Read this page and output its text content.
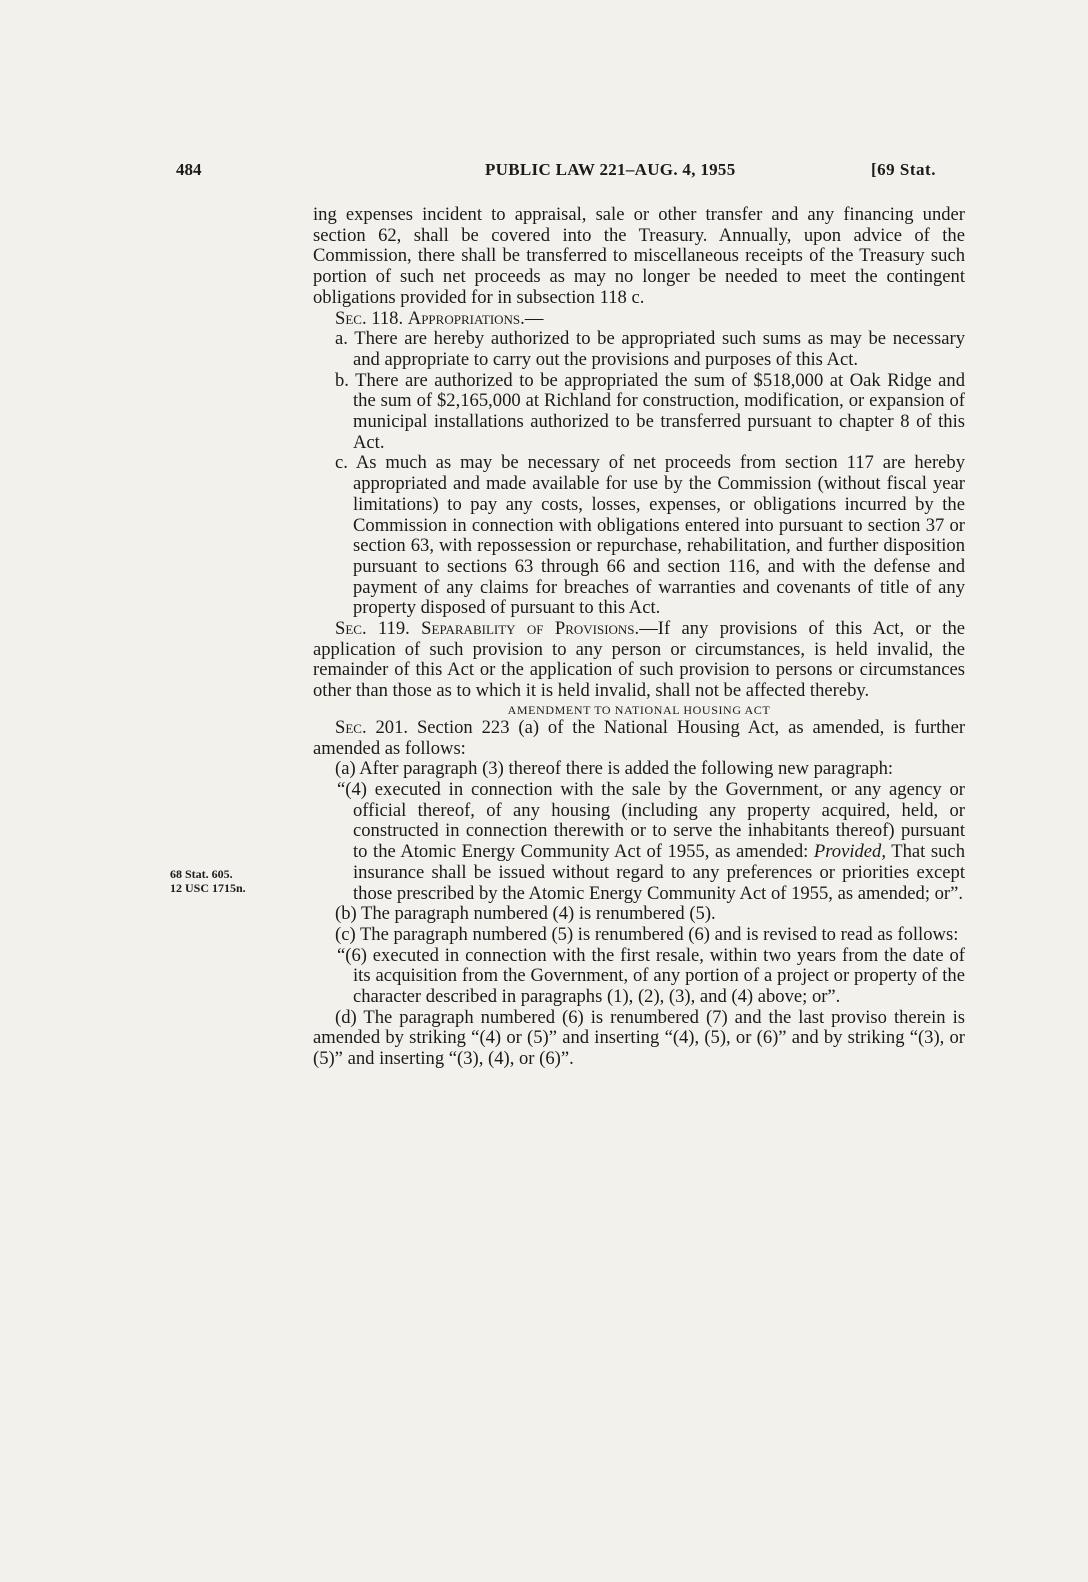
484	PUBLIC LAW 221–AUG. 4, 1955	[69 Stat.
68 Stat. 605.
12 USC 1715n.

ing expenses incident to appraisal, sale or other transfer and any financing under section 62, shall be covered into the Treasury. Annually, upon advice of the Commission, there shall be transferred to miscellaneous receipts of the Treasury such portion of such net proceeds as may no longer be needed to meet the contingent obligations provided for in subsection 118 c.

Sec. 118. Appropriations.—

a. There are hereby authorized to be appropriated such sums as may be necessary and appropriate to carry out the provisions and purposes of this Act.

b. There are authorized to be appropriated the sum of $518,000 at Oak Ridge and the sum of $2,165,000 at Richland for construction, modification, or expansion of municipal installations authorized to be transferred pursuant to chapter 8 of this Act.

c. As much as may be necessary of net proceeds from section 117 are hereby appropriated and made available for use by the Commission (without fiscal year limitations) to pay any costs, losses, expenses, or obligations incurred by the Commission in connection with obligations entered into pursuant to section 37 or section 63, with repossession or repurchase, rehabilitation, and further disposition pursuant to sections 63 through 66 and section 116, and with the defense and payment of any claims for breaches of warranties and covenants of title of any property disposed of pursuant to this Act.

Sec. 119. Separability of Provisions.—If any provisions of this Act, or the application of such provision to any person or circumstances, is held invalid, the remainder of this Act or the application of such provision to persons or circumstances other than those as to which it is held invalid, shall not be affected thereby.

AMENDMENT TO NATIONAL HOUSING ACT

Sec. 201. Section 223 (a) of the National Housing Act, as amended, is further amended as follows:

(a) After paragraph (3) thereof there is added the following new paragraph:

“(4) executed in connection with the sale by the Government, or any agency or official thereof, of any housing (including any property acquired, held, or constructed in connection therewith or to serve the inhabitants thereof) pursuant to the Atomic Energy Community Act of 1955, as amended: Provided, That such insurance shall be issued without regard to any preferences or priorities except those prescribed by the Atomic Energy Community Act of 1955, as amended; or”.

(b) The paragraph numbered (4) is renumbered (5).

(c) The paragraph numbered (5) is renumbered (6) and is revised to read as follows:

“(6) executed in connection with the first resale, within two years from the date of its acquisition from the Government, of any portion of a project or property of the character described in paragraphs (1), (2), (3), and (4) above; or”.

(d) The paragraph numbered (6) is renumbered (7) and the last proviso therein is amended by striking “(4) or (5)” and inserting “(4), (5), or (6)” and by striking “(3), or (5)” and inserting “(3), (4), or (6)”.
